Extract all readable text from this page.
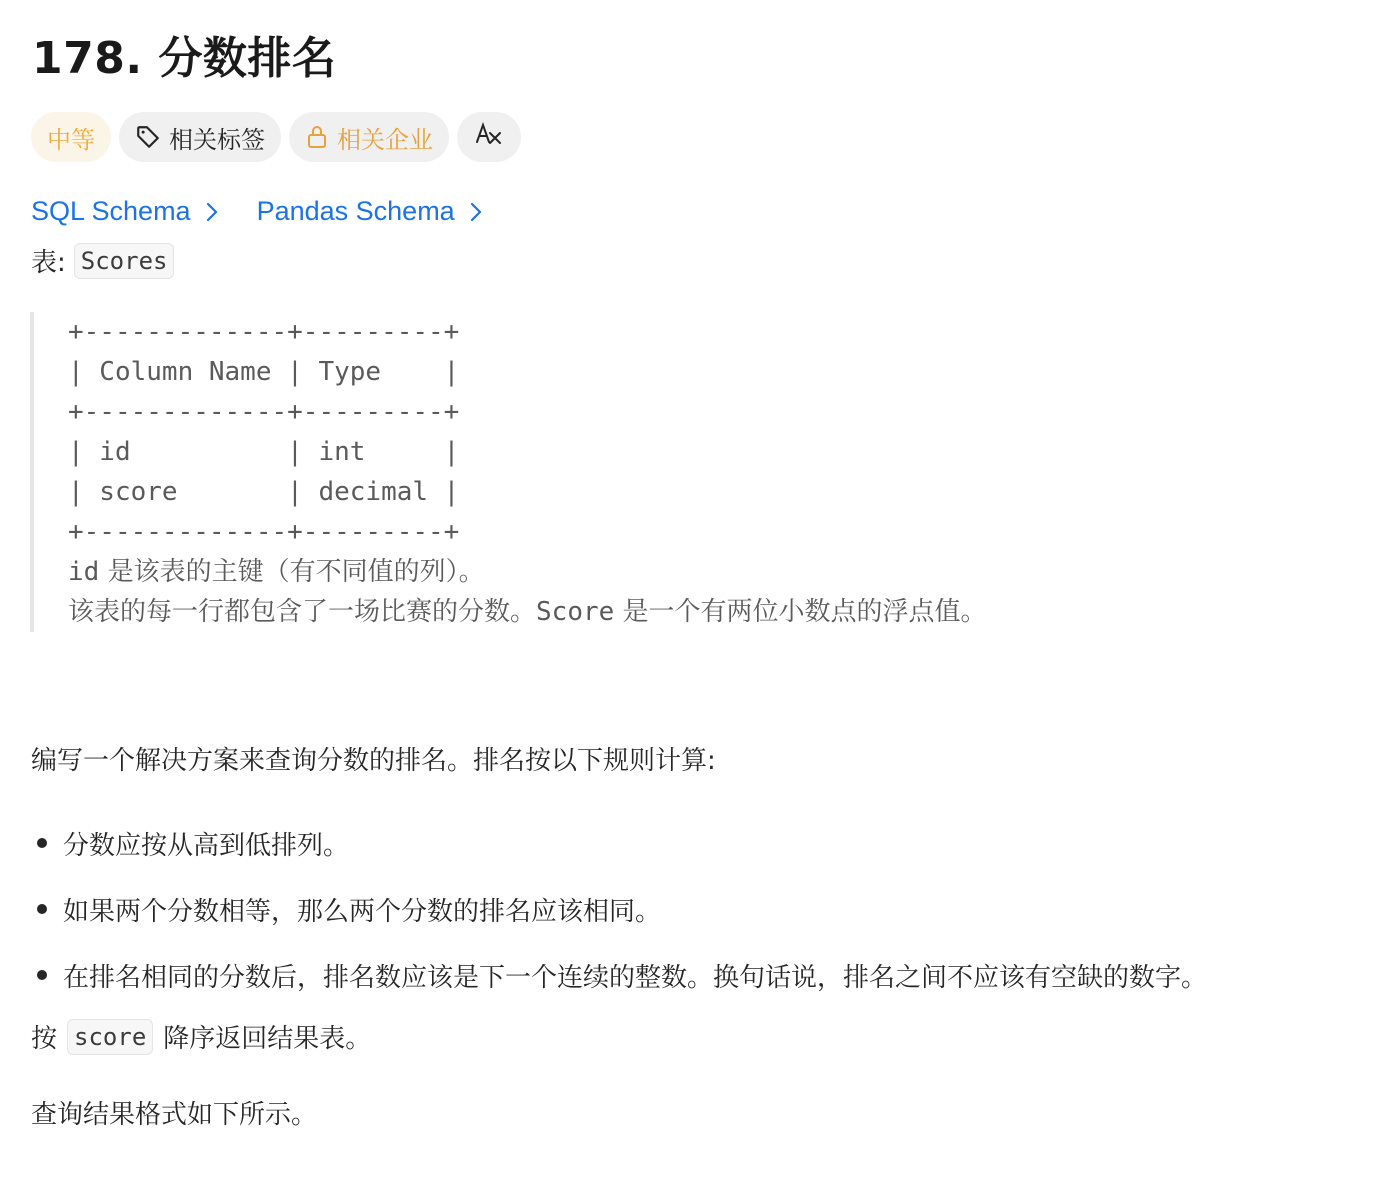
178. 分数排名
中等	相关标签	相关企业
SQL Schema Pandas Schema
表: Scores
+-------------+---------+
| Column Name | Type    |
+-------------+---------+
| id          | int     |
| score       | decimal |
+-------------+---------+
id 是该表的主键（有不同值的列）。
该表的每一行都包含了一场比赛的分数。Score 是一个有两位小数点的浮点值。

编写一个解决方案来查询分数的排名。排名按以下规则计算:

分数应按从高到低排列。
如果两个分数相等，那么两个分数的排名应该相同。
在排名相同的分数后，排名数应该是下一个连续的整数。换句话说，排名之间不应该有空缺的数字。
按 score 降序返回结果表。

查询结果格式如下所示。
